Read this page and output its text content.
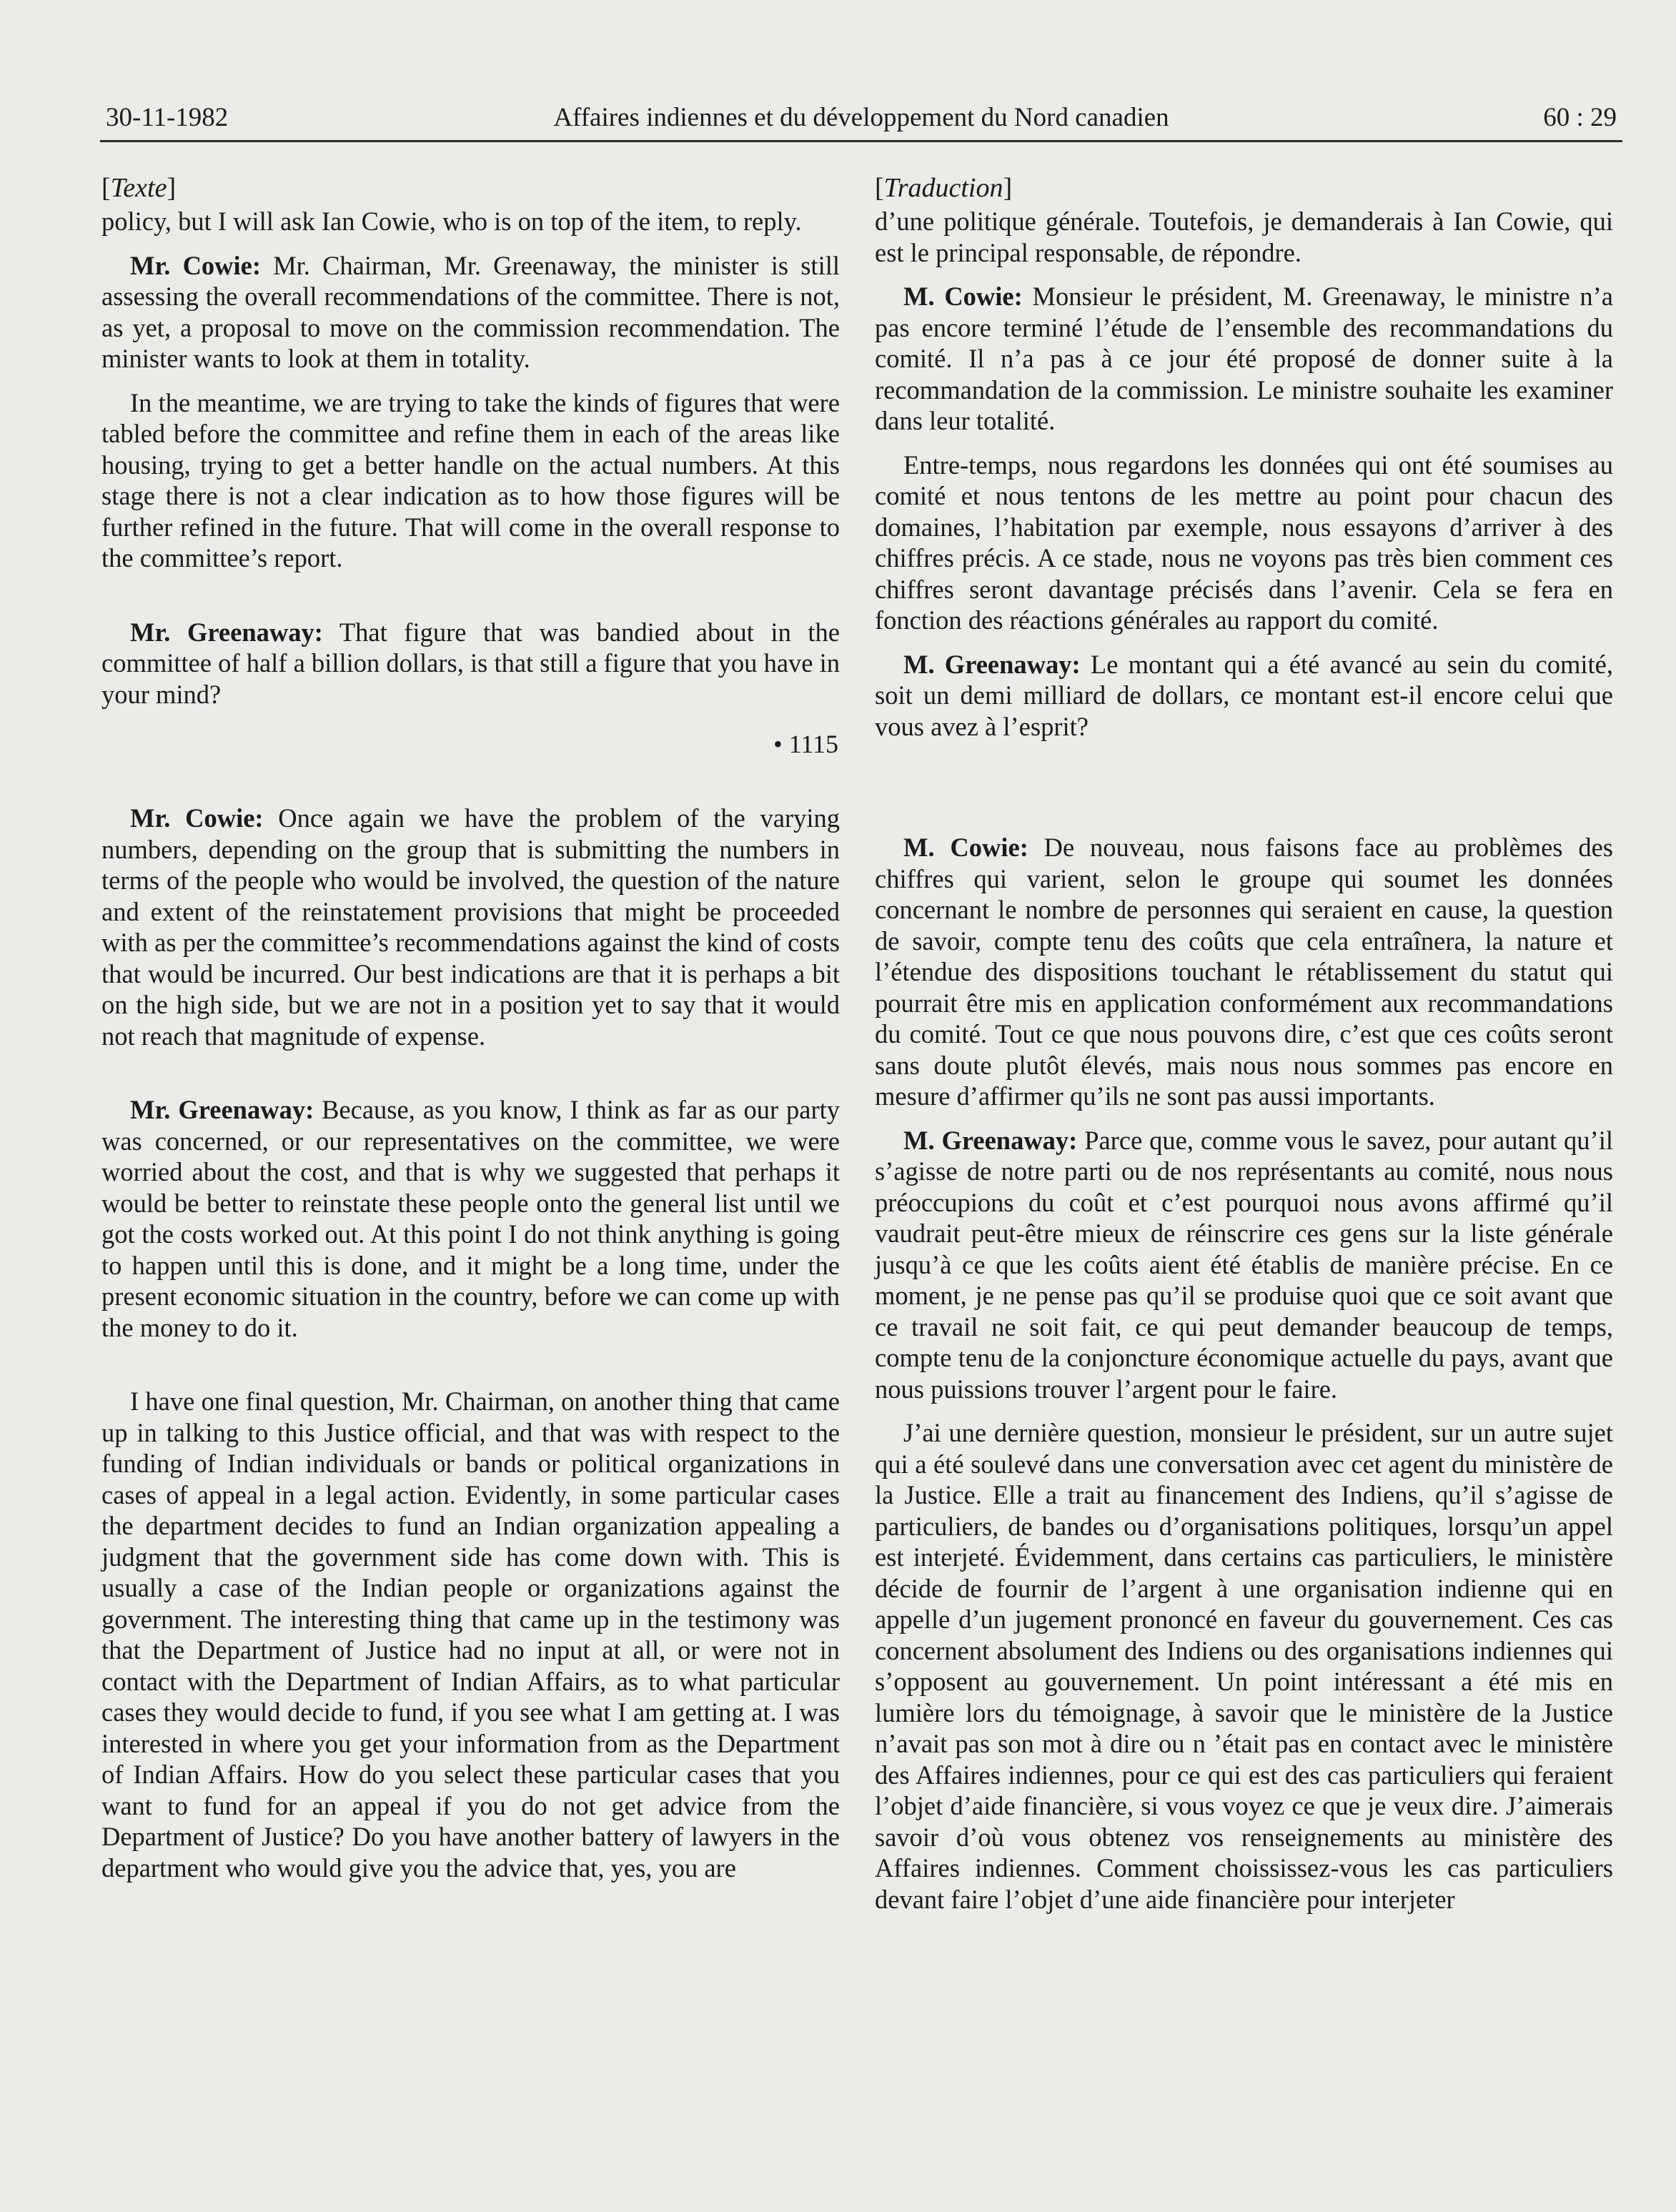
30-11-1982	Affaires indiennes et du développement du Nord canadien	60 : 29
[Texte]

policy, but I will ask Ian Cowie, who is on top of the item, to reply.

Mr. Cowie: Mr. Chairman, Mr. Greenaway, the minister is still assessing the overall recommendations of the committee. There is not, as yet, a proposal to move on the commission recommendation. The minister wants to look at them in totality.

In the meantime, we are trying to take the kinds of figures that were tabled before the committee and refine them in each of the areas like housing, trying to get a better handle on the actual numbers. At this stage there is not a clear indication as to how those figures will be further refined in the future. That will come in the overall response to the committee’s report.

Mr. Greenaway: That figure that was bandied about in the committee of half a billion dollars, is that still a figure that you have in your mind?

• 1115

Mr. Cowie: Once again we have the problem of the varying numbers, depending on the group that is submitting the numbers in terms of the people who would be involved, the question of the nature and extent of the reinstatement provisions that might be proceeded with as per the committee’s recommendations against the kind of costs that would be incurred. Our best indications are that it is perhaps a bit on the high side, but we are not in a position yet to say that it would not reach that magnitude of expense.

Mr. Greenaway: Because, as you know, I think as far as our party was concerned, or our representatives on the committee, we were worried about the cost, and that is why we suggested that perhaps it would be better to reinstate these people onto the general list until we got the costs worked out. At this point I do not think anything is going to happen until this is done, and it might be a long time, under the present economic situation in the country, before we can come up with the money to do it.

I have one final question, Mr. Chairman, on another thing that came up in talking to this Justice official, and that was with respect to the funding of Indian individuals or bands or political organizations in cases of appeal in a legal action. Evidently, in some particular cases the department decides to fund an Indian organization appealing a judgment that the government side has come down with. This is usually a case of the Indian people or organizations against the government. The interesting thing that came up in the testimony was that the Department of Justice had no input at all, or were not in contact with the Department of Indian Affairs, as to what particular cases they would decide to fund, if you see what I am getting at. I was interested in where you get your information from as the Department of Indian Affairs. How do you select these particular cases that you want to fund for an appeal if you do not get advice from the Department of Justice? Do you have another battery of lawyers in the department who would give you the advice that, yes, you are

[Traduction]

d’une politique générale. Toutefois, je demanderais à Ian Cowie, qui est le principal responsable, de répondre.

M. Cowie: Monsieur le président, M. Greenaway, le ministre n’a pas encore terminé l’étude de l’ensemble des recommandations du comité. Il n’a pas à ce jour été proposé de donner suite à la recommandation de la commission. Le ministre souhaite les examiner dans leur totalité.

Entre-temps, nous regardons les données qui ont été soumises au comité et nous tentons de les mettre au point pour chacun des domaines, l’habitation par exemple, nous essayons d’arriver à des chiffres précis. A ce stade, nous ne voyons pas très bien comment ces chiffres seront davantage précisés dans l’avenir. Cela se fera en fonction des réactions générales au rapport du comité.

M. Greenaway: Le montant qui a été avancé au sein du comité, soit un demi milliard de dollars, ce montant est-il encore celui que vous avez à l’esprit?

M. Cowie: De nouveau, nous faisons face au problèmes des chiffres qui varient, selon le groupe qui soumet les données concernant le nombre de personnes qui seraient en cause, la question de savoir, compte tenu des coûts que cela entraînera, la nature et l’étendue des dispositions touchant le rétablissement du statut qui pourrait être mis en application conformément aux recommandations du comité. Tout ce que nous pouvons dire, c’est que ces coûts seront sans doute plutôt élevés, mais nous nous sommes pas encore en mesure d’affirmer qu’ils ne sont pas aussi importants.

M. Greenaway: Parce que, comme vous le savez, pour autant qu’il s’agisse de notre parti ou de nos représentants au comité, nous nous préoccupions du coût et c’est pourquoi nous avons affirmé qu’il vaudrait peut-être mieux de réinscrire ces gens sur la liste générale jusqu’à ce que les coûts aient été établis de manière précise. En ce moment, je ne pense pas qu’il se produise quoi que ce soit avant que ce travail ne soit fait, ce qui peut demander beaucoup de temps, compte tenu de la conjoncture économique actuelle du pays, avant que nous puissions trouver l’argent pour le faire.

J’ai une dernière question, monsieur le président, sur un autre sujet qui a été soulevé dans une conversation avec cet agent du ministère de la Justice. Elle a trait au financement des Indiens, qu’il s’agisse de particuliers, de bandes ou d’organisations politiques, lorsqu’un appel est interjeté. Évidemment, dans certains cas particuliers, le ministère décide de fournir de l’argent à une organisation indienne qui en appelle d’un jugement prononcé en faveur du gouvernement. Ces cas concernent absolument des Indiens ou des organisations indiennes qui s’opposent au gouvernement. Un point intéressant a été mis en lumière lors du témoignage, à savoir que le ministère de la Justice n’avait pas son mot à dire ou n ’était pas en contact avec le ministère des Affaires indiennes, pour ce qui est des cas particuliers qui feraient l’objet d’aide financière, si vous voyez ce que je veux dire. J’aimerais savoir d’où vous obtenez vos renseignements au ministère des Affaires indiennes. Comment choississez-vous les cas particuliers devant faire l’objet d’une aide financière pour interjeter
